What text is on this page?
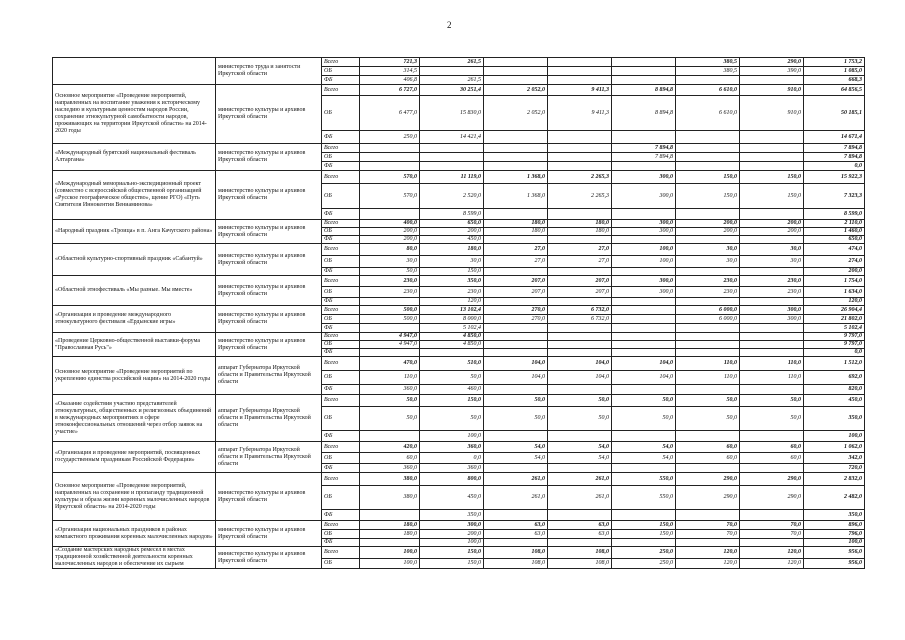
2
	министерство труда и занятости Иркутской области	Всего	721,3	261,5				380,5	290,0	1 753,2
		ОБ	314,5					380,5	390,0	1 085,0
		ФБ	406,8	261,5						668,3
Основное мероприятие «Проведение мероприятий, направленных на воспитание уважения к историческому наследию и культурным ценностям народов России, сохранение этнокультурной самобытности народов, проживающих на территории Иркутской области» на 2014-2020 годы	министерство культуры и архивов Иркутской области	Всего	6 727,0	30 251,4	2 052,0	9 411,3	8 894,8	6 610,0	910,0	64 856,5
		ОБ	6 477,0	15 830,0	2 052,0	9 411,3	8 894,8	6 610,0	910,0	50 185,1
		ФБ	250,0	14 421,4						14 671,4
«Международный бурятский национальный фестиваль Алтаргана»	министерство культуры и архивов Иркутской области	Всего					7 894,8			7 894,8
		ОБ					7 894,8			7 894,8
		ФБ								0,0
«Международный мемориально-экспедиционный проект (совместно с всероссийской общественной организацией «Русское географическое общество», щение РГО) «Путь Святителя Иннокентия Вениаминова»	министерство культуры и архивов Иркутской области	Всего	570,0	11 119,0	1 368,0	2 265,3	300,0	150,0	150,0	15 922,3
		ОБ	570,0	2 520,0	1 368,0	2 265,3	300,0	150,0	150,0	7 323,3
		ФБ		8 599,0						8 599,0
«Народный праздник «Троица» в п. Анга Качугского района»	министерство культуры и архивов Иркутской области	Всего	400,0	650,0	180,0	180,0	300,0	200,0	200,0	2 110,0
		ОБ	200,0	200,0	180,0	180,0	300,0	200,0	200,0	1 460,0
		ФБ	200,0	450,0						650,0
«Областной культурно-спортивный праздник «Сабантуй»	министерство культуры и архивов Иркутской области	Всего	80,0	180,0	27,0	27,0	100,0	30,0	30,0	474,0
		ОБ	30,0	30,0	27,0	27,0	100,0	30,0	30,0	274,0
		ФБ	50,0	150,0						200,0
«Областной этнофестиваль «Мы разные. Мы вместе»	министерство культуры и архивов Иркутской области	Всего	230,0	350,0	207,0	207,0	300,0	230,0	230,0	1 754,0
		ОБ	230,0	230,0	207,0	207,0	300,0	230,0	230,0	1 634,0
		ФБ		120,0						120,0
«Организация и проведение международного этнокультурного фестиваля «Ердынские игры»	министерство культуры и архивов Иркутской области	Всего	500,0	13 102,4	270,0	6 732,0		6 000,0	300,0	26 904,4
		ОБ	500,0	8 000,0	270,0	6 732,0		6 000,0	300,0	21 802,0
		ФБ		5 102,4						5 102,4
«Проведение Церковно-общественной выставки-форума "Православная Русь"»	министерство культуры и архивов Иркутской области	Всего	4 947,0	4 850,0						9 797,0
		ОБ	4 947,0	4 850,0						9 797,0
		ФБ								0,0
Основное мероприятие «Проведение мероприятий по укреплению единства российской нации» на 2014-2020 годы	аппарат Губернатора Иркутской области и Правительства Иркутской области	Всего	470,0	510,0	104,0	104,0	104,0	110,0	110,0	1 512,0
		ОБ	110,0	50,0	104,0	104,0	104,0	110,0	110,0	692,0
		ФБ	360,0	460,0						820,0
«Оказание содействия участию представителей этнокультурных, общественных и религиозных объединений в международных мероприятиях в сфере этноконфессиональных отношений через отбор заявок на участие»	аппарат Губернатора Иркутской области и Правительства Иркутской области	Всего	50,0	150,0	50,0	50,0	50,0	50,0	50,0	450,0
		ОБ	50,0	50,0	50,0	50,0	50,0	50,0	50,0	350,0
		ФБ		100,0						100,0
«Организация и проведение мероприятий, посвященных государственным праздникам Российской Федерации»	аппарат Губернатора Иркутской области и Правительства Иркутской области	Всего	420,0	360,0	54,0	54,0	54,0	60,0	60,0	1 062,0
		ОБ	60,0	0,0	54,0	54,0	54,0	60,0	60,0	342,0
		ФБ	360,0	360,0						720,0
Основное мероприятие «Проведение мероприятий, направленных на сохранение и пропаганду традиционной культуры и образа жизни коренных малочисленных народов Иркутской области» на 2014-2020 годы	министерство культуры и архивов Иркутской области	Всего	380,0	800,0	261,0	261,0	550,0	290,0	290,0	2 832,0
		ОБ	380,0	450,0	261,0	261,0	550,0	290,0	290,0	2 482,0
		ФБ		350,0						350,0
«Организация национальных праздников в районах компактного проживания коренных малочисленных народов»	министерство культуры и архивов Иркутской области	Всего	180,0	300,0	63,0	63,0	150,0	70,0	70,0	896,0
		ОБ	180,0	200,0	63,0	63,0	150,0	70,0	70,0	796,0
		ФБ		100,0						100,0
«Создание мастерских народных ремесел в местах традиционной хозяйственной деятельности коренных малочисленных народов и обеспечение их сырьем	министерство культуры и архивов Иркутской области	Всего	100,0	150,0	108,0	108,0	250,0	120,0	120,0	956,0
		ОБ	100,0	150,0	108,0	108,0	250,0	120,0	120,0	956,0
